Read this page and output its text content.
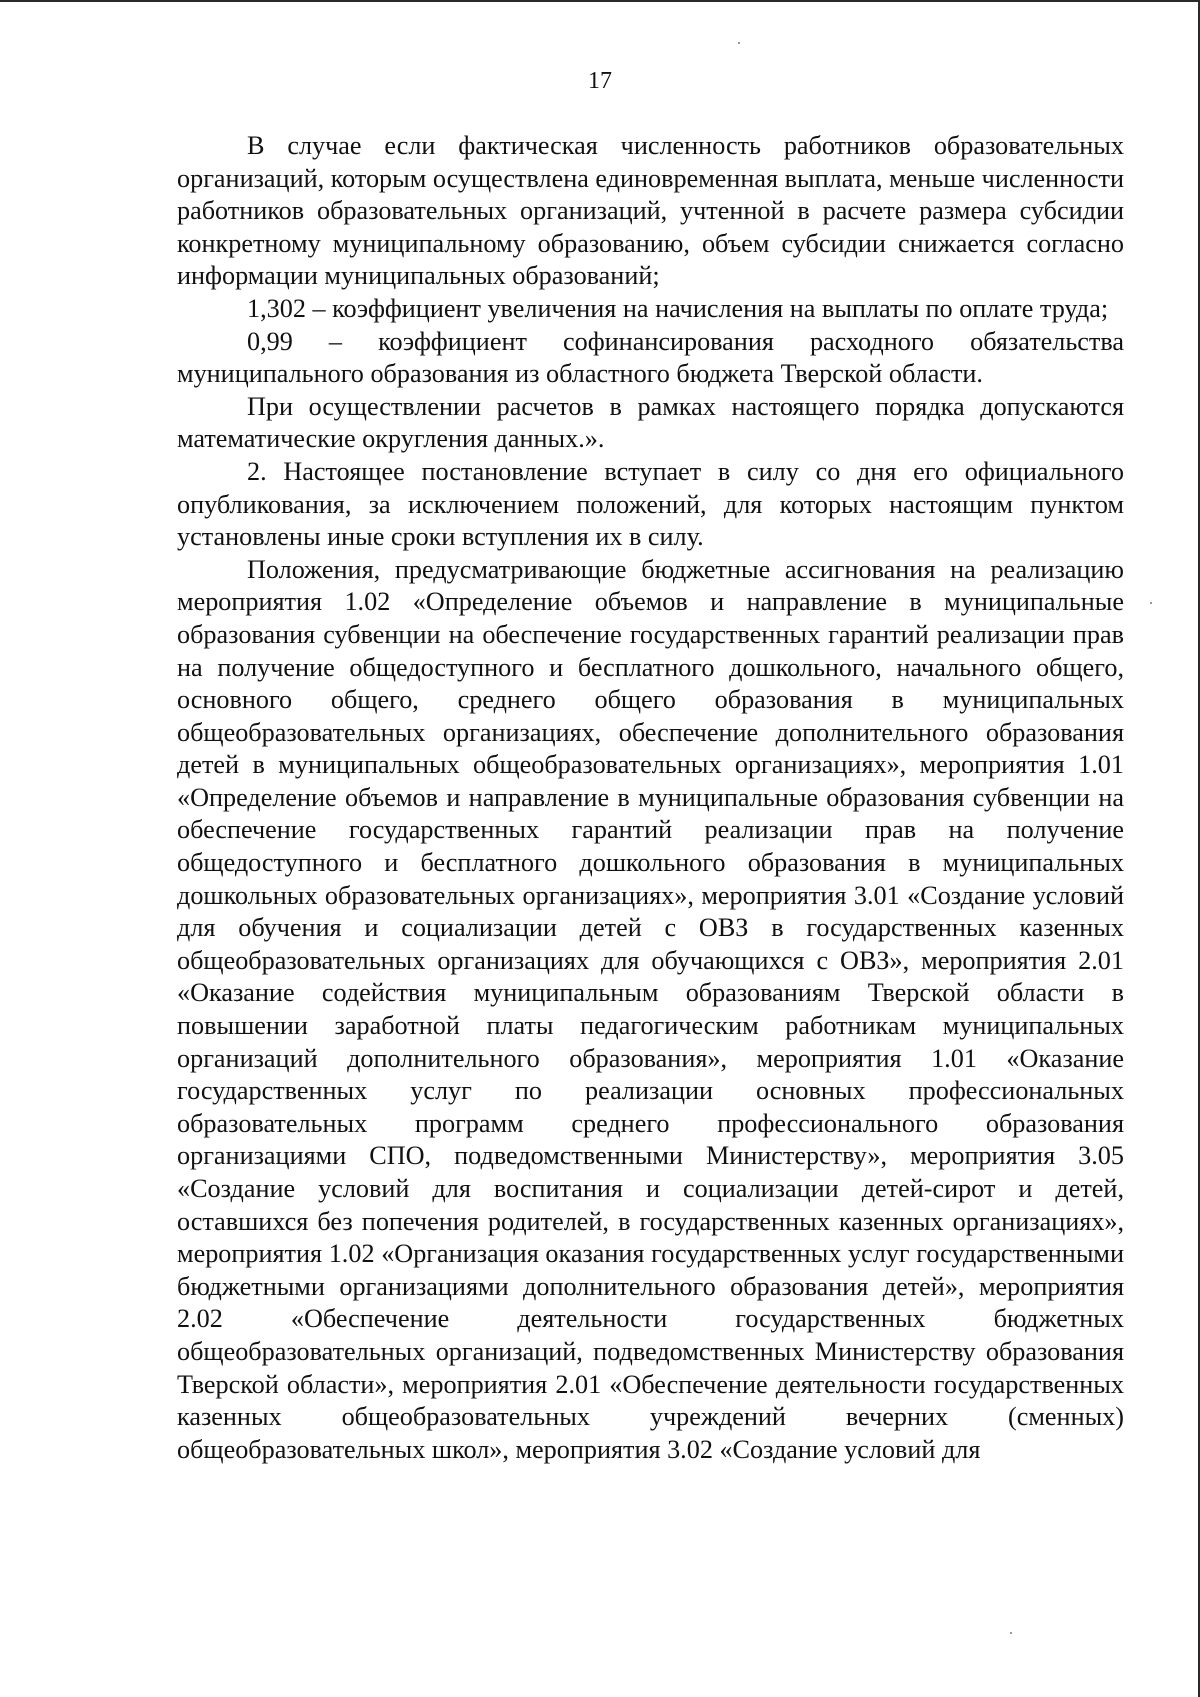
17

В случае если фактическая численность работников образовательных организаций, которым осуществлена единовременная выплата, меньше численности работников образовательных организаций, учтенной в расчете размера субсидии конкретному муниципальному образованию, объем субсидии снижается согласно информации муниципальных образований;

1,302 – коэффициент увеличения на начисления на выплаты по оплате труда;

0,99 – коэффициент софинансирования расходного обязательства муниципального образования из областного бюджета Тверской области.

При осуществлении расчетов в рамках настоящего порядка допускаются математические округления данных.».

2. Настоящее постановление вступает в силу со дня его официального опубликования, за исключением положений, для которых настоящим пунктом установлены иные сроки вступления их в силу.

Положения, предусматривающие бюджетные ассигнования на реализацию мероприятия 1.02 «Определение объемов и направление в муниципальные образования субвенции на обеспечение государственных гарантий реализации прав на получение общедоступного и бесплатного дошкольного, начального общего, основного общего, среднего общего образования в муниципальных общеобразовательных организациях, обеспечение дополнительного образования детей в муниципальных общеобразовательных организациях», мероприятия 1.01 «Определение объемов и направление в муниципальные образования субвенции на обеспечение государственных гарантий реализации прав на получение общедоступного и бесплатного дошкольного образования в муниципальных дошкольных образовательных организациях», мероприятия 3.01 «Создание условий для обучения и социализации детей с ОВЗ в государственных казенных общеобразовательных организациях для обучающихся с ОВЗ», мероприятия 2.01 «Оказание содействия муниципальным образованиям Тверской области в повышении заработной платы педагогическим работникам муниципальных организаций дополнительного образования», мероприятия 1.01 «Оказание государственных услуг по реализации основных профессиональных образовательных программ среднего профессионального образования организациями СПО, подведомственными Министерству», мероприятия 3.05 «Создание условий для воспитания и социализации детей-сирот и детей, оставшихся без попечения родителей, в государственных казенных организациях», мероприятия 1.02 «Организация оказания государственных услуг государственными бюджетными организациями дополнительного образования детей», мероприятия 2.02 «Обеспечение деятельности государственных бюджетных общеобразовательных организаций, подведомственных Министерству образования Тверской области», мероприятия 2.01 «Обеспечение деятельности государственных казенных общеобразовательных учреждений вечерних (сменных) общеобразовательных школ», мероприятия 3.02 «Создание условий для
